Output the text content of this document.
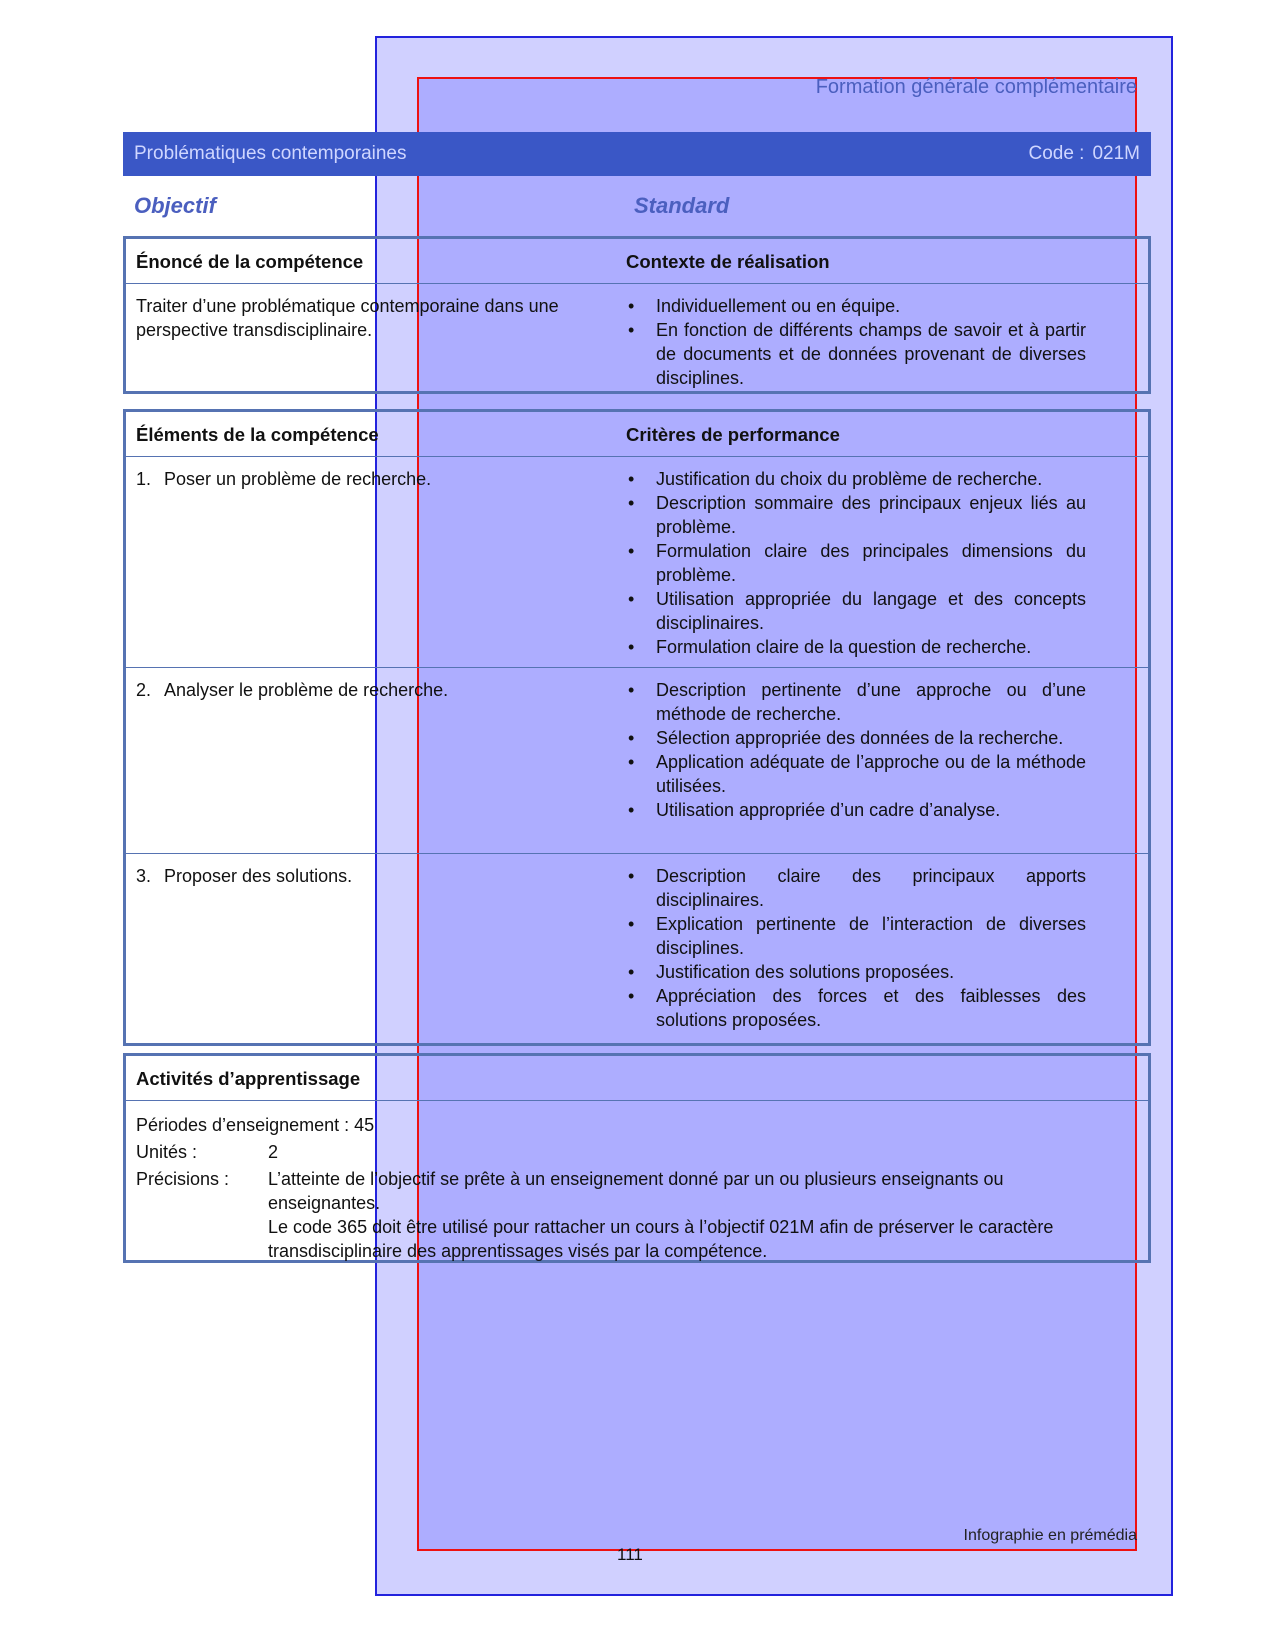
Formation générale complémentaire
Problématiques contemporaines	Code : 021M
Objectif	Standard
Énoncé de la compétence	Contexte de réalisation
Traiter d’une problématique contemporaine dans une perspective transdisciplinaire.
• Individuellement ou en équipe.
• En fonction de différents champs de savoir et à partir de documents et de données provenant de diverses disciplines.
Éléments de la compétence	Critères de performance
1. Poser un problème de recherche.	• Justification du choix du problème de recherche.
• Description sommaire des principaux enjeux liés au problème.
• Formulation claire des principales dimensions du problème.
• Utilisation appropriée du langage et des concepts disciplinaires.
• Formulation claire de la question de recherche.
2. Analyser le problème de recherche.	• Description pertinente d’une approche ou d’une méthode de recherche.
• Sélection appropriée des données de la recherche.
• Application adéquate de l’approche ou de la méthode utilisées.
• Utilisation appropriée d’un cadre d’analyse.
3. Proposer des solutions.	• Description claire des principaux apports disciplinaires.
• Explication pertinente de l’interaction de diverses disciplines.
• Justification des solutions proposées.
• Appréciation des forces et des faiblesses des solutions proposées.
Activités d’apprentissage
Périodes d’enseignement : 45
Unités :	2
Précisions : L’atteinte de l’objectif se prête à un enseignement donné par un ou plusieurs enseignants ou enseignantes.
Le code 365 doit être utilisé pour rattacher un cours à l’objectif 021M afin de préserver le caractère transdisciplinaire des apprentissages visés par la compétence.
Infographie en prémédia
111
